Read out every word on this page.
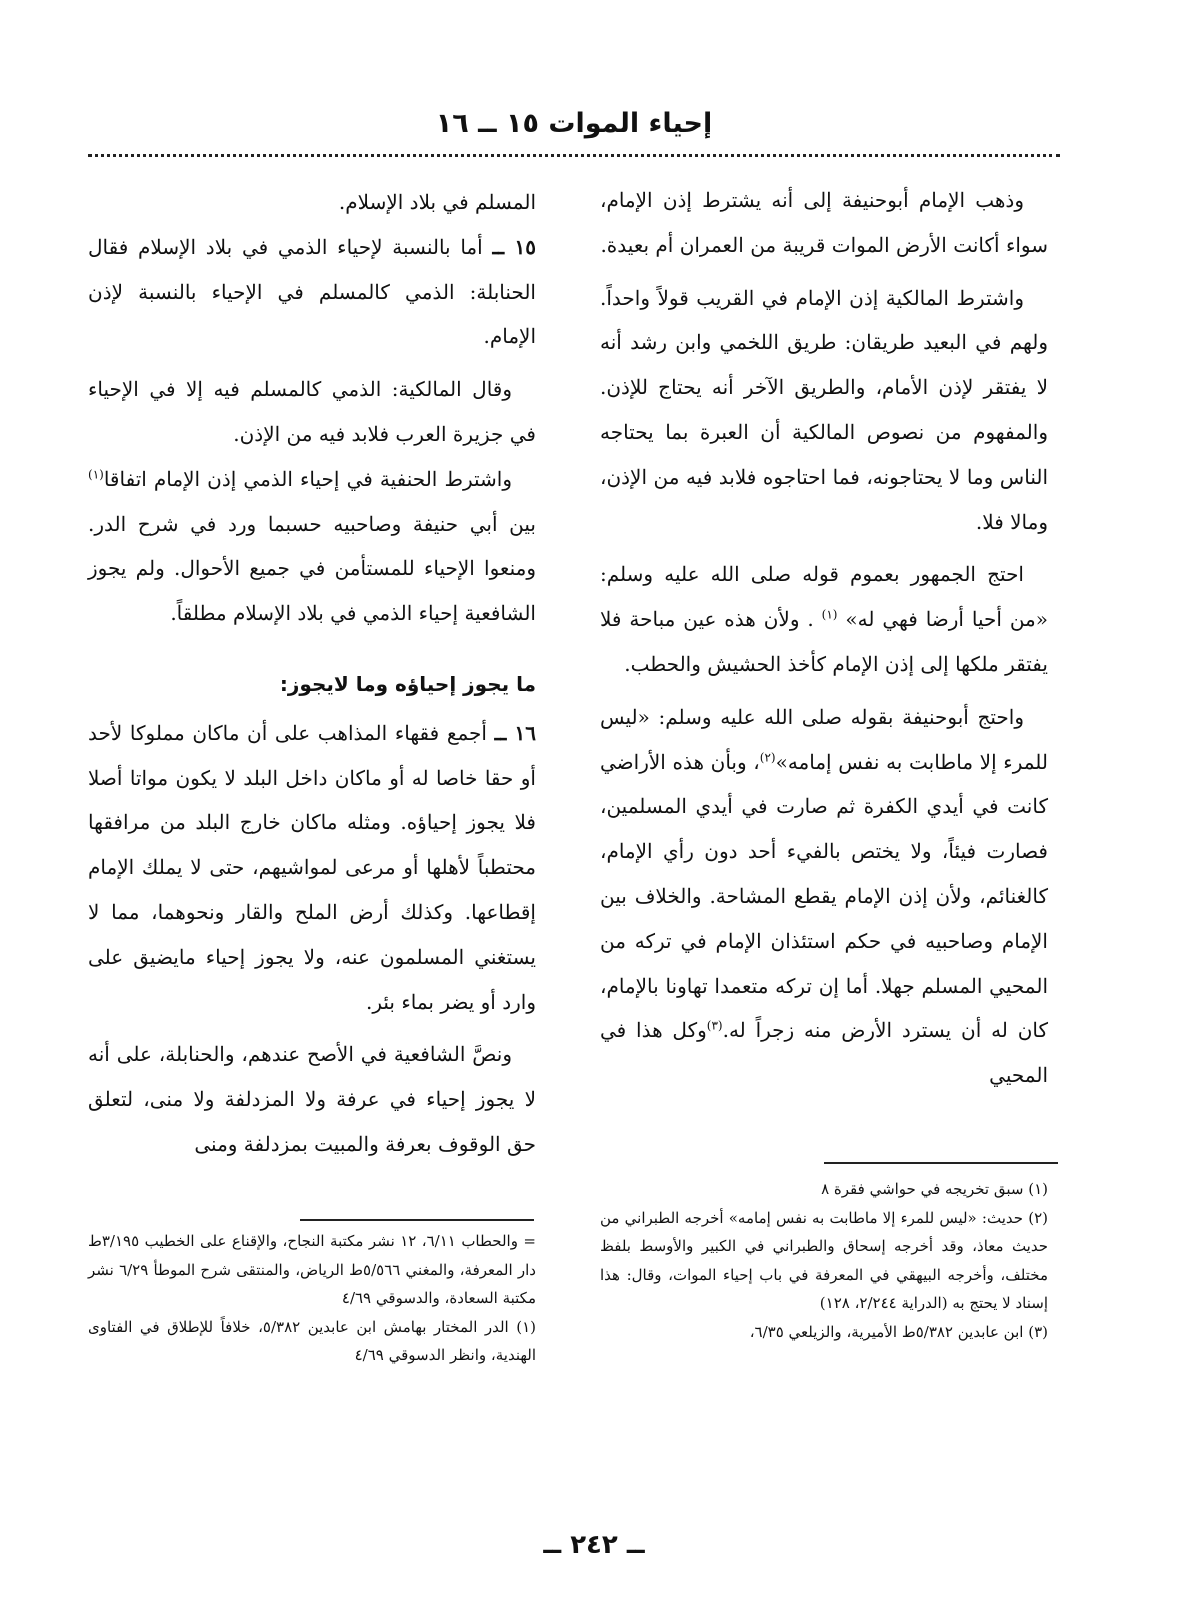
إحياء الموات ١٥ ــ ١٦

وذهب الإمام أبوحنيفة إلى أنه يشترط إذن الإمام، سواء أكانت الأرض الموات قريبة من العمران أم بعيدة.

واشترط المالكية إذن الإمام في القريب قولاً واحداً. ولهم في البعيد طريقان: طريق اللخمي وابن رشد أنه لا يفتقر لإذن الأمام، والطريق الآخر أنه يحتاج للإذن. والمفهوم من نصوص المالكية أن العبرة بما يحتاجه الناس وما لا يحتاجونه، فما احتاجوه فلابد فيه من الإذن، ومالا فلا.

احتج الجمهور بعموم قوله صلى الله عليه وسلم: «من أحيا أرضا فهي له» $^{(١)}$ . ولأن هذه عين مباحة فلا يفتقر ملكها إلى إذن الإمام كأخذ الحشيش والحطب.

واحتج أبوحنيفة بقوله صلى الله عليه وسلم: «ليس للمرء إلا ماطابت به نفس إمامه»$^{(٢)}$، وبأن هذه الأراضي كانت في أيدي الكفرة ثم صارت في أيدي المسلمين، فصارت فيئاً، ولا يختص بالفيء أحد دون رأي الإمام، كالغنائم، ولأن إذن الإمام يقطع المشاحة. والخلاف بين الإمام وصاحبيه في حكم استئذان الإمام في تركه من المحيي المسلم جهلا. أما إن تركه متعمدا تهاونا بالإمام، كان له أن يسترد الأرض منه زجراً له.$^{(٣)}$وكل هذا في المحيي

المسلم في بلاد الإسلام.

١٥ ــ أما بالنسبة لإحياء الذمي في بلاد الإسلام فقال الحنابلة: الذمي كالمسلم في الإحياء بالنسبة لإذن الإمام.

وقال المالكية: الذمي كالمسلم فيه إلا في الإحياء في جزيرة العرب فلابد فيه من الإذن.

واشترط الحنفية في إحياء الذمي إذن الإمام اتفاقا$^{(١)}$ بين أبي حنيفة وصاحبيه حسبما ورد في شرح الدر. ومنعوا الإحياء للمستأمن في جميع الأحوال. ولم يجوز الشافعية إحياء الذمي في بلاد الإسلام مطلقاً.

ما يجوز إحياؤه وما لايجوز:

١٦ ــ أجمع فقهاء المذاهب على أن ماكان مملوكا لأحد أو حقا خاصا له أو ماكان داخل البلد لا يكون مواتا أصلا فلا يجوز إحياؤه. ومثله ماكان خارج البلد من مرافقها محتطباً لأهلها أو مرعى لمواشيهم، حتى لا يملك الإمام إقطاعها. وكذلك أرض الملح والقار ونحوهما، مما لا يستغني المسلمون عنه، ولا يجوز إحياء مايضيق على وارد أو يضر بماء بئر.

ونصَّ الشافعية في الأصح عندهم، والحنابلة، على أنه لا يجوز إحياء في عرفة ولا المزدلفة ولا منى، لتعلق حق الوقوف بعرفة والمبيت بمزدلفة ومنى

(١) سبق تخريجه في حواشي فقرة ٨

(٢) حديث: «ليس للمرء إلا ماطابت به نفس إمامه» أخرجه الطبراني من حديث معاذ، وقد أخرجه إسحاق والطبراني في الكبير والأوسط بلفظ مختلف، وأخرجه البيهقي في المعرفة في باب إحياء الموات، وقال: هذا إسناد لا يحتج به (الدراية ٢/٢٤٤، ١٢٨)

(٣) ابن عابدين ٥/٣٨٢ط الأميرية، والزيلعي ٦/٣٥،

= والحطاب ٦/١١، ١٢ نشر مكتبة النجاح، والإقناع على الخطيب ٣/١٩٥ط دار المعرفة، والمغني ٥/٥٦٦ط الرياض، والمنتقى شرح الموطأ ٦/٢٩ نشر مكتبة السعادة، والدسوقي ٤/٦٩

(١) الدر المختار بهامش ابن عابدين ٥/٣٨٢، خلافاً للإطلاق في الفتاوى الهندية، وانظر الدسوقي ٤/٦٩

ــ ٢٤٢ ــ
